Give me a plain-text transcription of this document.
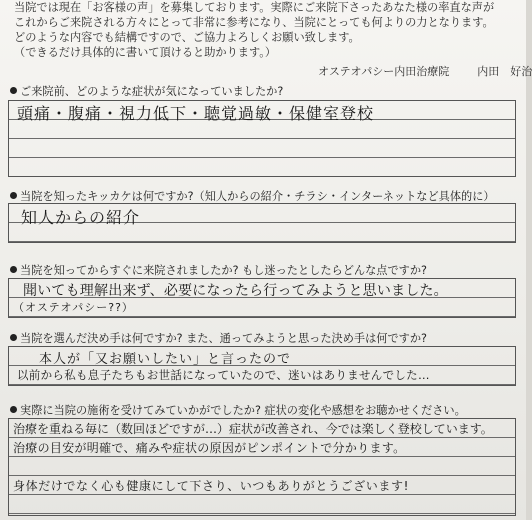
当院では現在「お客様の声」を募集しております。実際にご来院下さったあなた様の率直な声が
これからご来院される方々にとって非常に参考になり、当院にとっても何よりの力となります。
どのような内容でも結構ですので、ご協力よろしくお願い致します。
（できるだけ具体的に書いて頂けると助かります。）
オステオパシー内田治療院	内田　好治
ご来院前、どのような症状が気になっていましたか?
頭痛・腹痛・視力低下・聴覚過敏・保健室登校
当院を知ったキッカケは何ですか?（知人からの紹介・チラシ・インターネットなど具体的に）
知人からの紹介
当院を知ってからすぐに来院されましたか? もし迷ったとしたらどんな点ですか?
聞いても理解出来ず、必要になったら行ってみようと思いました。
（オステオパシー??）
当院を選んだ決め手は何ですか? また、通ってみようと思った決め手は何ですか?
本人が「又お願いしたい」と言ったので
以前から私も息子たちもお世話になっていたので、迷いはありませんでした…
実際に当院の施術を受けてみていかがでしたか? 症状の変化や感想をお聴かせください。
治療を重ねる毎に（数回ほどですが…）症状が改善され、今では楽しく登校しています。
治療の目安が明確で、痛みや症状の原因がピンポイントで分かります。
身体だけでなく心も健康にして下さり、いつもありがとうございます!
